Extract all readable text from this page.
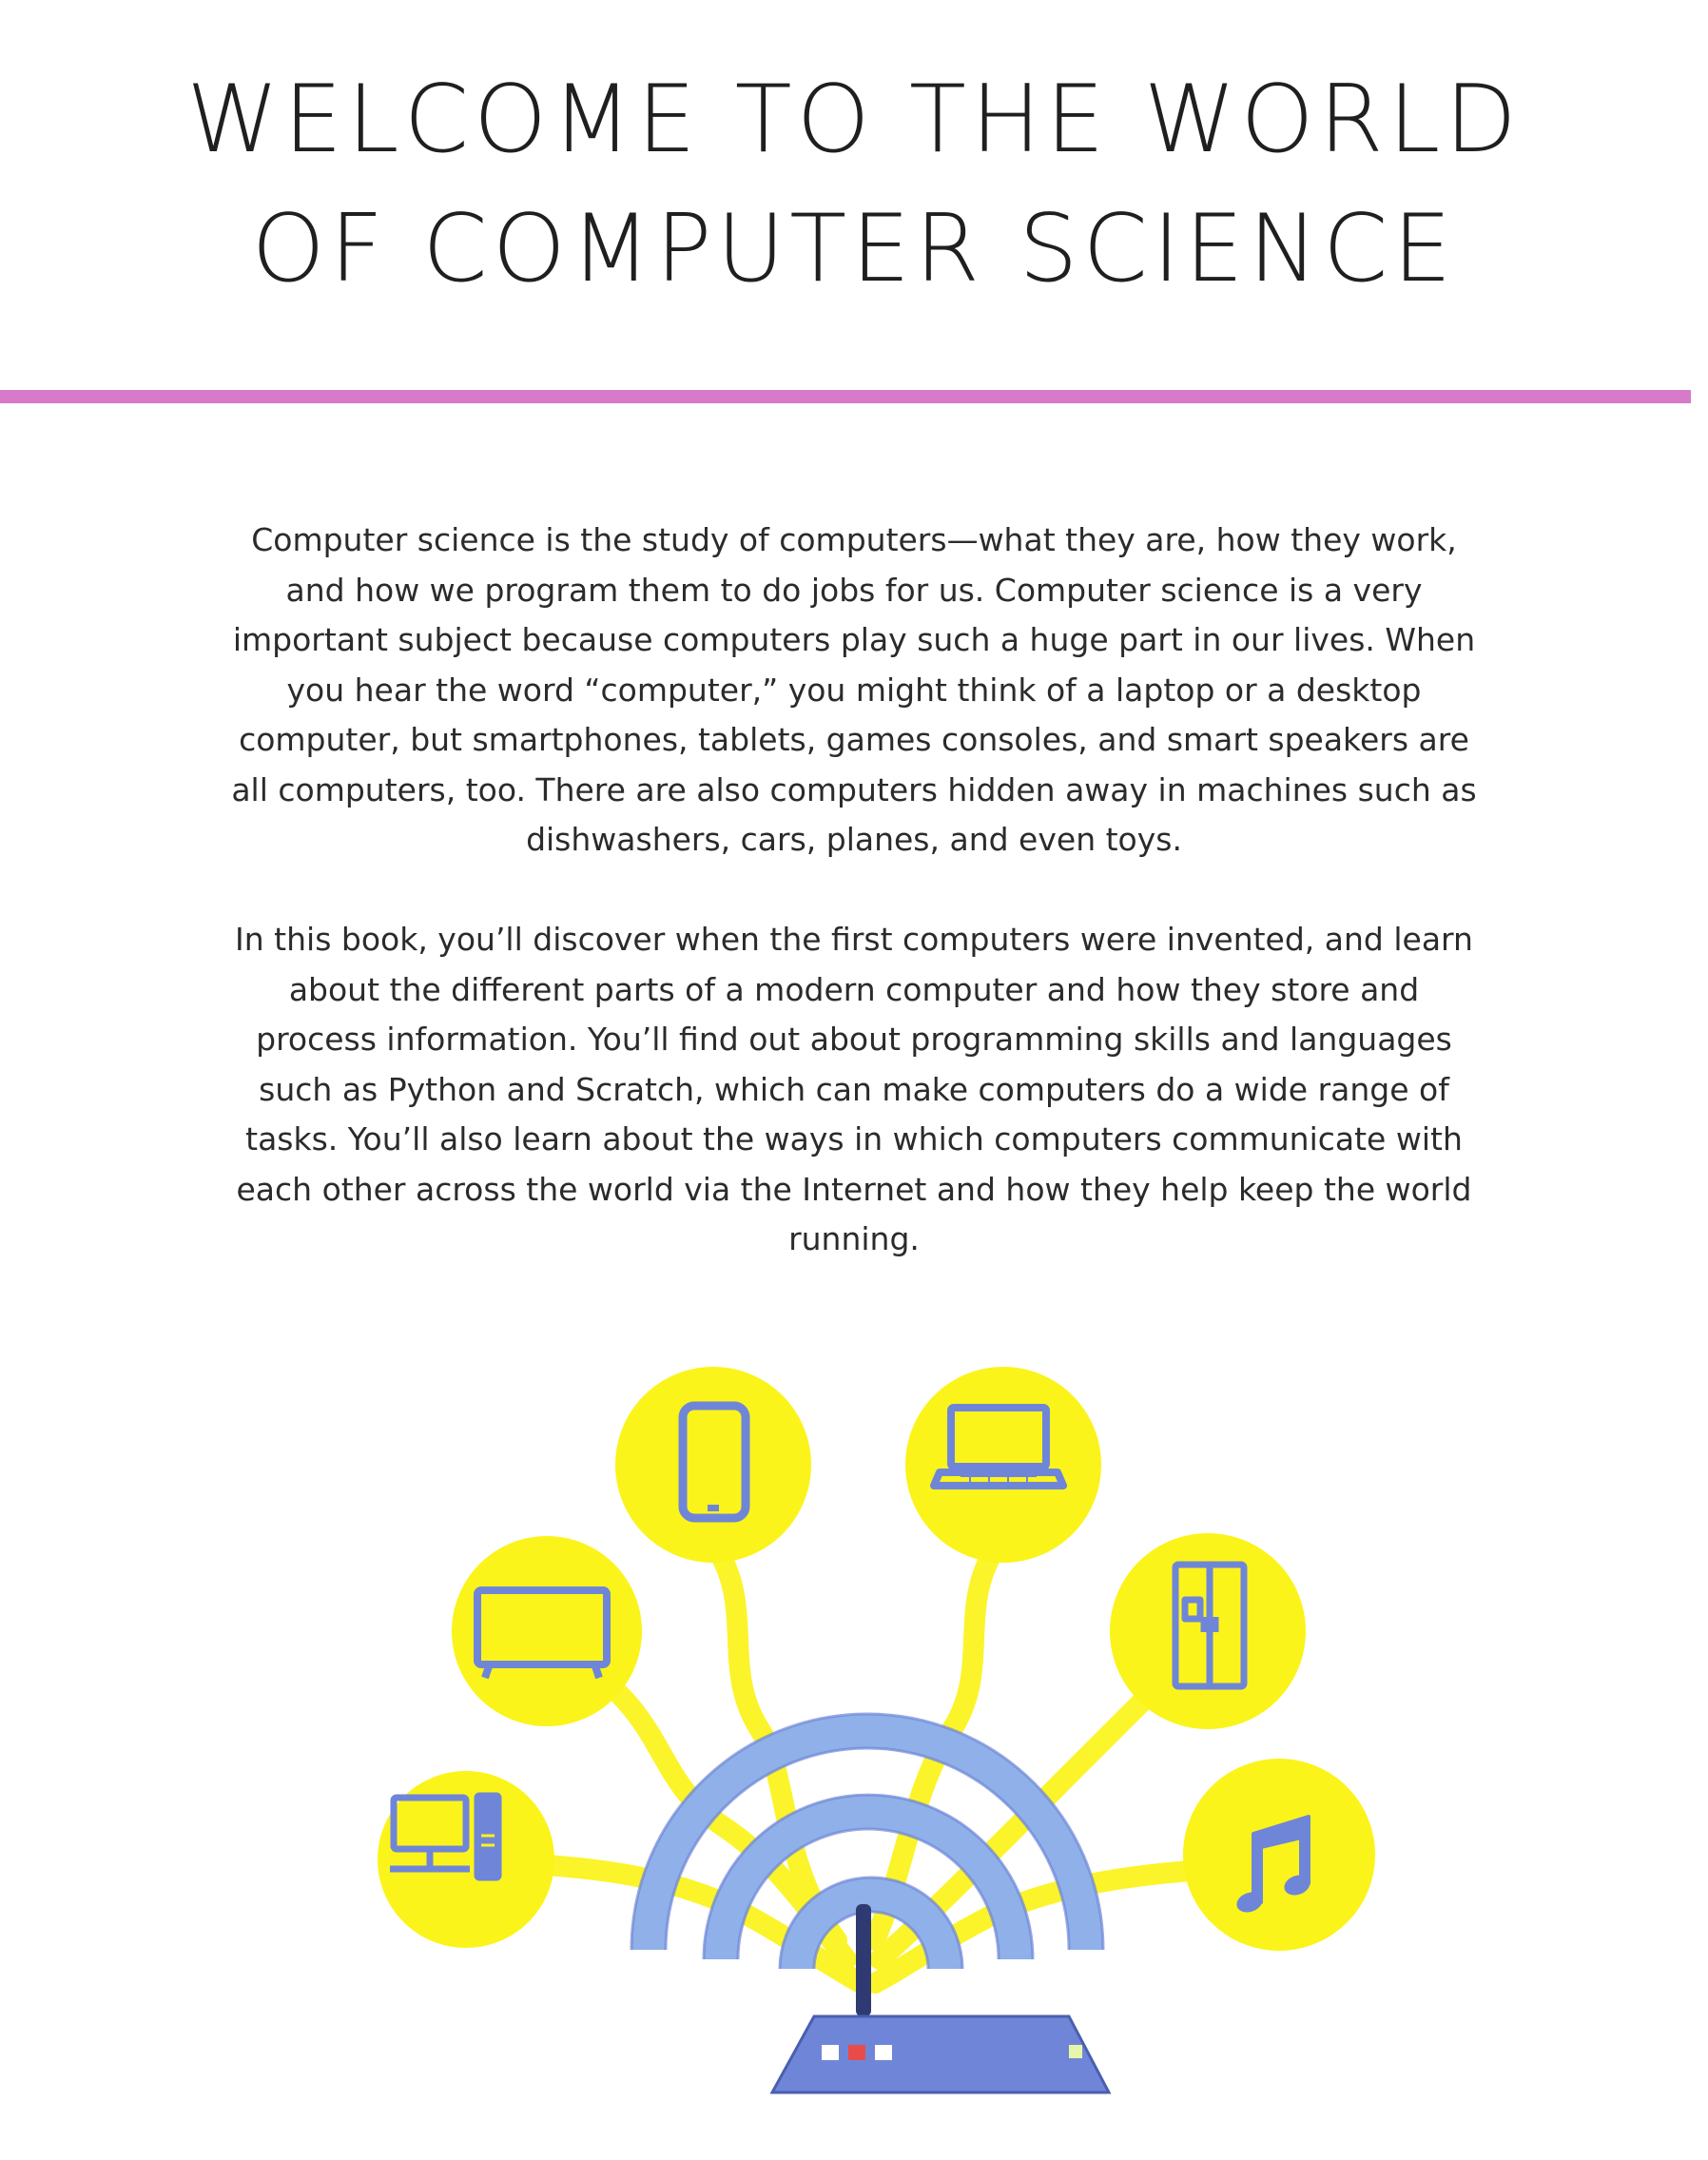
WELCOME TO THE WORLD
OF COMPUTER SCIENCE

Computer science is the study of computers—what they are, how they work, and how we program them to do jobs for us. Computer science is a very important subject because computers play such a huge part in our lives. When you hear the word “computer,” you might think of a laptop or a desktop computer, but smartphones, tablets, games consoles, and smart speakers are all computers, too. There are also computers hidden away in machines such as dishwashers, cars, planes, and even toys.

In this book, you’ll discover when the first computers were invented, and learn about the different parts of a modern computer and how they store and process information. You’ll find out about programming skills and languages such as Python and Scratch, which can make computers do a wide range of tasks. You’ll also learn about the ways in which computers communicate with each other across the world via the Internet and how they help keep the world running.
